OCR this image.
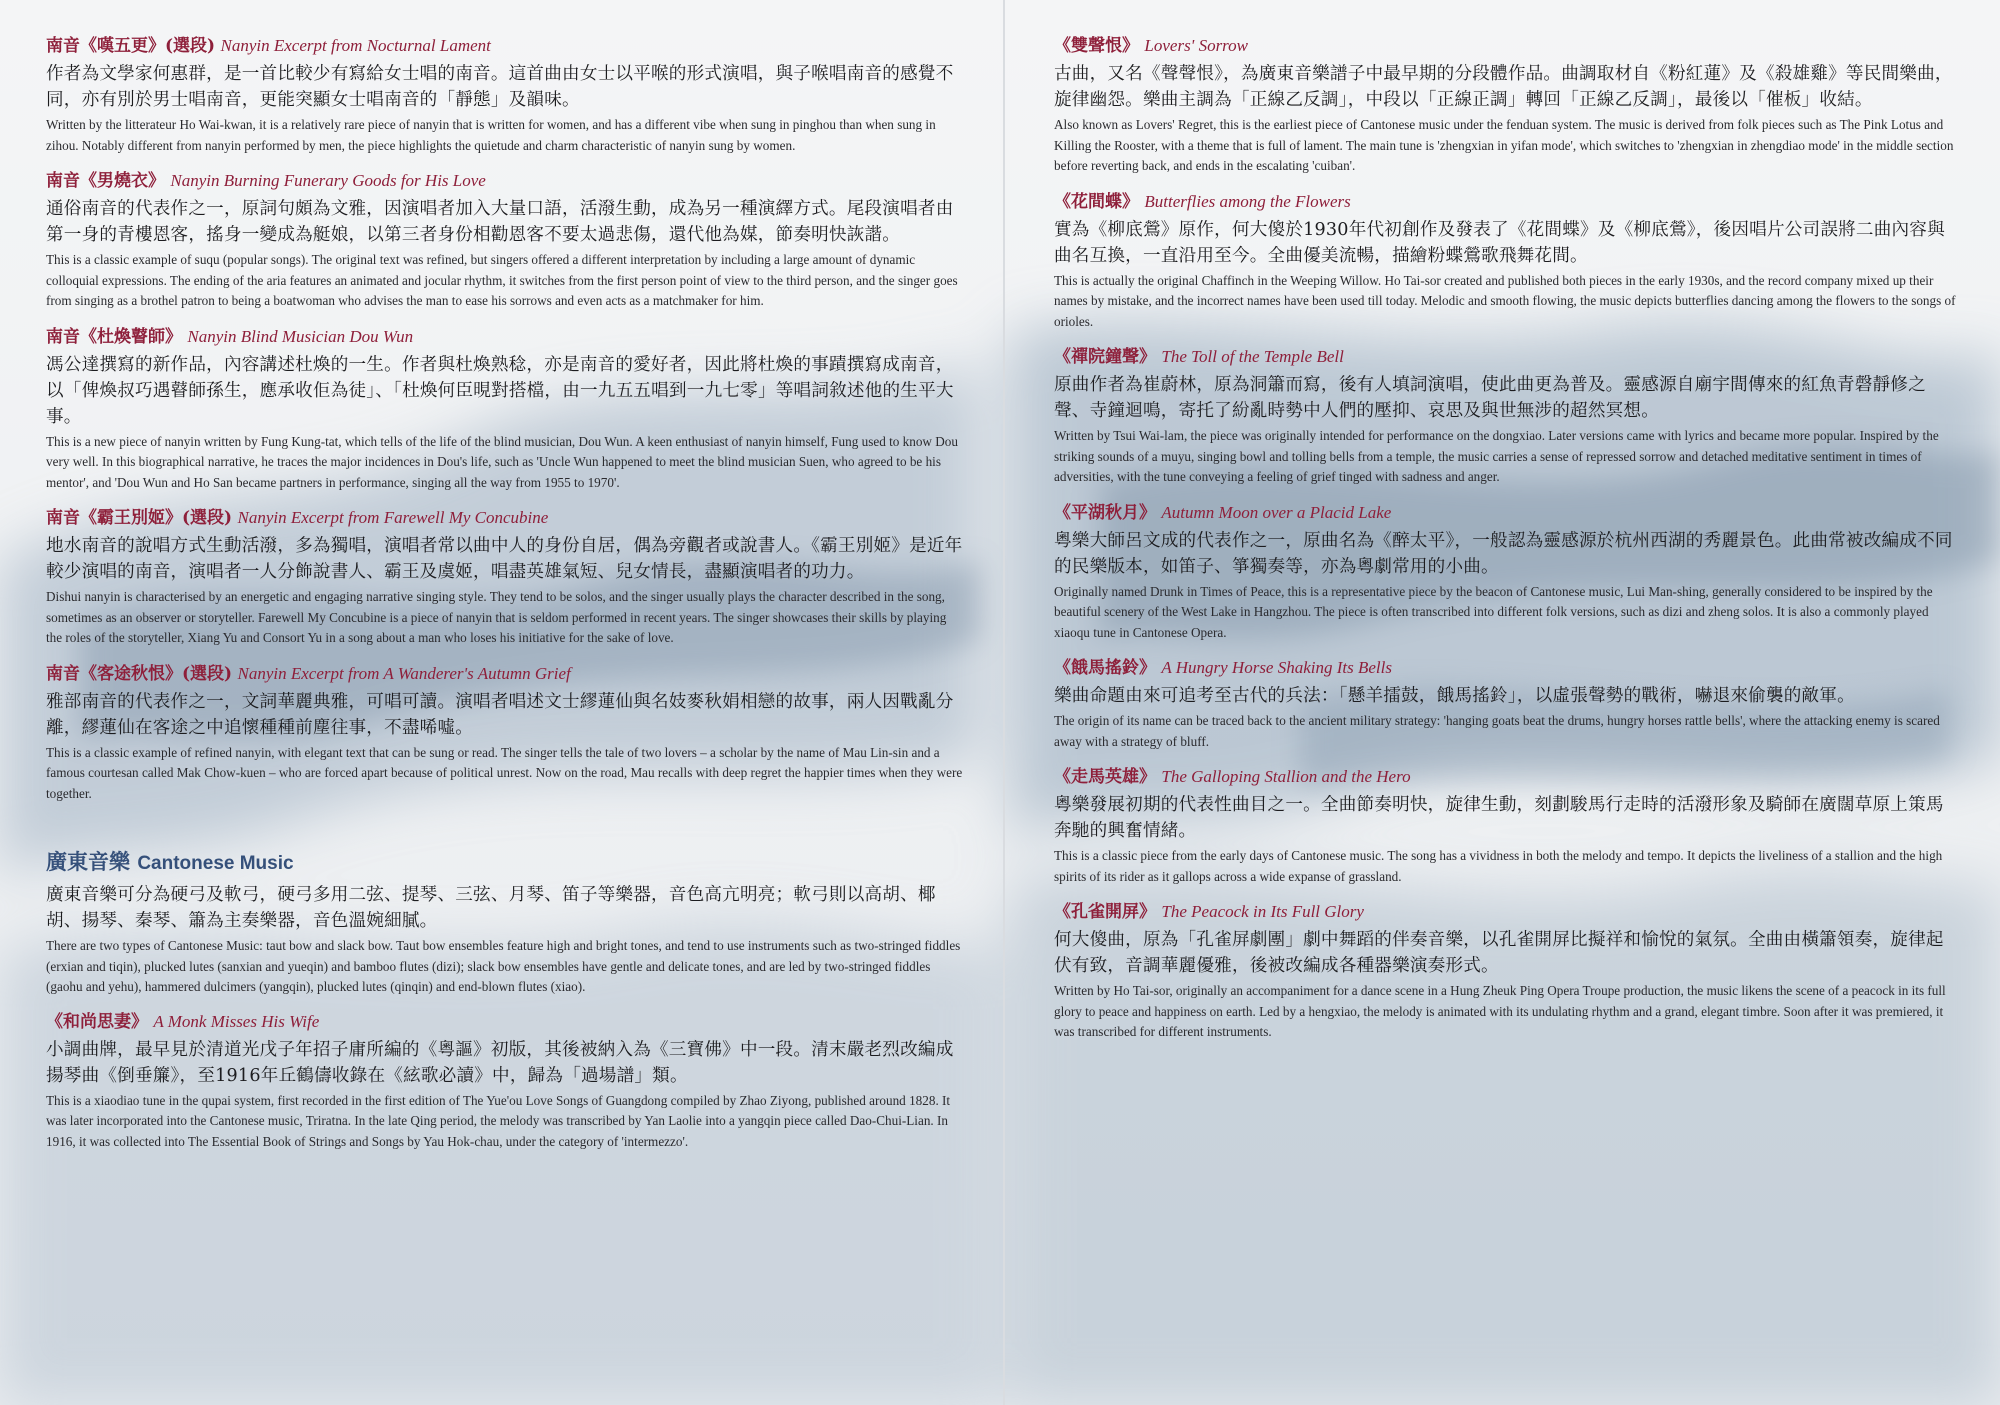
南音《嘆五更》(選段) Nanyin Excerpt from Nocturnal Lament

作者為文學家何惠群，是一首比較少有寫給女士唱的南音。這首曲由女士以平喉的形式演唱，與子喉唱南音的感覺不同，亦有別於男士唱南音，更能突顯女士唱南音的「靜態」及韻味。

Written by the litterateur Ho Wai-kwan, it is a relatively rare piece of nanyin that is written for women, and has a different vibe when sung in pinghou than when sung in zihou. Notably different from nanyin performed by men, the piece highlights the quietude and charm characteristic of nanyin sung by women.

南音《男燒衣》 Nanyin Burning Funerary Goods for His Love

通俗南音的代表作之一，原詞句頗為文雅，因演唱者加入大量口語，活潑生動，成為另一種演繹方式。尾段演唱者由第一身的青樓恩客，搖身一變成為艇娘，以第三者身份相勸恩客不要太過悲傷，還代他為媒，節奏明快詼諧。

This is a classic example of suqu (popular songs). The original text was refined, but singers offered a different interpretation by including a large amount of dynamic colloquial expressions. The ending of the aria features an animated and jocular rhythm, it switches from the first person point of view to the third person, and the singer goes from singing as a brothel patron to being a boatwoman who advises the man to ease his sorrows and even acts as a matchmaker for him.

南音《杜煥瞽師》 Nanyin Blind Musician Dou Wun

馮公達撰寫的新作品，內容講述杜煥的一生。作者與杜煥熟稔，亦是南音的愛好者，因此將杜煥的事蹟撰寫成南音，以「俾煥叔巧遇瞽師孫生，應承收佢為徒」、「杜煥何臣晛對搭檔，由一九五五唱到一九七零」等唱詞敘述他的生平大事。

This is a new piece of nanyin written by Fung Kung-tat, which tells of the life of the blind musician, Dou Wun. A keen enthusiast of nanyin himself, Fung used to know Dou very well. In this biographical narrative, he traces the major incidences in Dou's life, such as 'Uncle Wun happened to meet the blind musician Suen, who agreed to be his mentor', and 'Dou Wun and Ho San became partners in performance, singing all the way from 1955 to 1970'.

南音《霸王別姬》(選段) Nanyin Excerpt from Farewell My Concubine

地水南音的說唱方式生動活潑，多為獨唱，演唱者常以曲中人的身份自居，偶為旁觀者或說書人。《霸王別姬》是近年較少演唱的南音，演唱者一人分飾說書人、霸王及虞姬，唱盡英雄氣短、兒女情長，盡顯演唱者的功力。

Dishui nanyin is characterised by an energetic and engaging narrative singing style. They tend to be solos, and the singer usually plays the character described in the song, sometimes as an observer or storyteller. Farewell My Concubine is a piece of nanyin that is seldom performed in recent years. The singer showcases their skills by playing the roles of the storyteller, Xiang Yu and Consort Yu in a song about a man who loses his initiative for the sake of love.

南音《客途秋恨》(選段) Nanyin Excerpt from A Wanderer's Autumn Grief

雅部南音的代表作之一，文詞華麗典雅，可唱可讀。演唱者唱述文士繆蓮仙與名妓麥秋娟相戀的故事，兩人因戰亂分離，繆蓮仙在客途之中追懷種種前塵往事，不盡唏噓。

This is a classic example of refined nanyin, with elegant text that can be sung or read. The singer tells the tale of two lovers – a scholar by the name of Mau Lin-sin and a famous courtesan called Mak Chow-kuen – who are forced apart because of political unrest. Now on the road, Mau recalls with deep regret the happier times when they were together.

廣東音樂 Cantonese Music

廣東音樂可分為硬弓及軟弓，硬弓多用二弦、提琴、三弦、月琴、笛子等樂器，音色高亢明亮；軟弓則以高胡、椰胡、揚琴、秦琴、簫為主奏樂器，音色溫婉細膩。

There are two types of Cantonese Music: taut bow and slack bow. Taut bow ensembles feature high and bright tones, and tend to use instruments such as two-stringed fiddles (erxian and tiqin), plucked lutes (sanxian and yueqin) and bamboo flutes (dizi); slack bow ensembles have gentle and delicate tones, and are led by two-stringed fiddles (gaohu and yehu), hammered dulcimers (yangqin), plucked lutes (qinqin) and end-blown flutes (xiao).

《和尚思妻》 A Monk Misses His Wife

小調曲牌，最早見於清道光戊子年招子庸所編的《粵謳》初版，其後被納入為《三寶佛》中一段。清末嚴老烈改編成揚琴曲《倒垂簾》，至1916年丘鶴儔收錄在《絃歌必讀》中，歸為「過場譜」類。

This is a xiaodiao tune in the qupai system, first recorded in the first edition of The Yue'ou Love Songs of Guangdong compiled by Zhao Ziyong, published around 1828. It was later incorporated into the Cantonese music, Triratna. In the late Qing period, the melody was transcribed by Yan Laolie into a yangqin piece called Dao-Chui-Lian. In 1916, it was collected into The Essential Book of Strings and Songs by Yau Hok-chau, under the category of 'intermezzo'.

《雙聲恨》 Lovers' Sorrow

古曲，又名《聲聲恨》，為廣東音樂譜子中最早期的分段體作品。曲調取材自《粉紅蓮》及《殺雄雞》等民間樂曲，旋律幽怨。樂曲主調為「正線乙反調」，中段以「正線正調」轉回「正線乙反調」，最後以「催板」收結。

Also known as Lovers' Regret, this is the earliest piece of Cantonese music under the fenduan system. The music is derived from folk pieces such as The Pink Lotus and Killing the Rooster, with a theme that is full of lament. The main tune is 'zhengxian in yifan mode', which switches to 'zhengxian in zhengdiao mode' in the middle section before reverting back, and ends in the escalating 'cuiban'.

《花間蝶》 Butterflies among the Flowers

實為《柳底鶯》原作，何大傻於1930年代初創作及發表了《花間蝶》及《柳底鶯》，後因唱片公司誤將二曲內容與曲名互換，一直沿用至今。全曲優美流暢，描繪粉蝶鶯歌飛舞花間。

This is actually the original Chaffinch in the Weeping Willow. Ho Tai-sor created and published both pieces in the early 1930s, and the record company mixed up their names by mistake, and the incorrect names have been used till today. Melodic and smooth flowing, the music depicts butterflies dancing among the flowers to the songs of orioles.

《禪院鐘聲》 The Toll of the Temple Bell

原曲作者為崔蔚林，原為洞簫而寫，後有人填詞演唱，使此曲更為普及。靈感源自廟宇間傳來的紅魚青磬靜修之聲、寺鐘迴鳴，寄托了紛亂時勢中人們的壓抑、哀思及與世無涉的超然冥想。

Written by Tsui Wai-lam, the piece was originally intended for performance on the dongxiao. Later versions came with lyrics and became more popular. Inspired by the striking sounds of a muyu, singing bowl and tolling bells from a temple, the music carries a sense of repressed sorrow and detached meditative sentiment in times of adversities, with the tune conveying a feeling of grief tinged with sadness and anger.

《平湖秋月》 Autumn Moon over a Placid Lake

粵樂大師呂文成的代表作之一，原曲名為《醉太平》，一般認為靈感源於杭州西湖的秀麗景色。此曲常被改編成不同的民樂版本，如笛子、箏獨奏等，亦為粵劇常用的小曲。

Originally named Drunk in Times of Peace, this is a representative piece by the beacon of Cantonese music, Lui Man-shing, generally considered to be inspired by the beautiful scenery of the West Lake in Hangzhou. The piece is often transcribed into different folk versions, such as dizi and zheng solos. It is also a commonly played xiaoqu tune in Cantonese Opera.

《餓馬搖鈴》 A Hungry Horse Shaking Its Bells

樂曲命題由來可追考至古代的兵法：「懸羊擂鼓，餓馬搖鈴」，以虛張聲勢的戰術，嚇退來偷襲的敵軍。

The origin of its name can be traced back to the ancient military strategy: 'hanging goats beat the drums, hungry horses rattle bells', where the attacking enemy is scared away with a strategy of bluff.

《走馬英雄》 The Galloping Stallion and the Hero

粵樂發展初期的代表性曲目之一。全曲節奏明快，旋律生動，刻劃駿馬行走時的活潑形象及騎師在廣闊草原上策馬奔馳的興奮情緒。

This is a classic piece from the early days of Cantonese music. The song has a vividness in both the melody and tempo. It depicts the liveliness of a stallion and the high spirits of its rider as it gallops across a wide expanse of grassland.

《孔雀開屏》 The Peacock in Its Full Glory

何大傻曲，原為「孔雀屏劇團」劇中舞蹈的伴奏音樂，以孔雀開屏比擬祥和愉悅的氣氛。全曲由橫簫領奏，旋律起伏有致，音調華麗優雅，後被改編成各種器樂演奏形式。

Written by Ho Tai-sor, originally an accompaniment for a dance scene in a Hung Zheuk Ping Opera Troupe production, the music likens the scene of a peacock in its full glory to peace and happiness on earth. Led by a hengxiao, the melody is animated with its undulating rhythm and a grand, elegant timbre. Soon after it was premiered, it was transcribed for different instruments.
